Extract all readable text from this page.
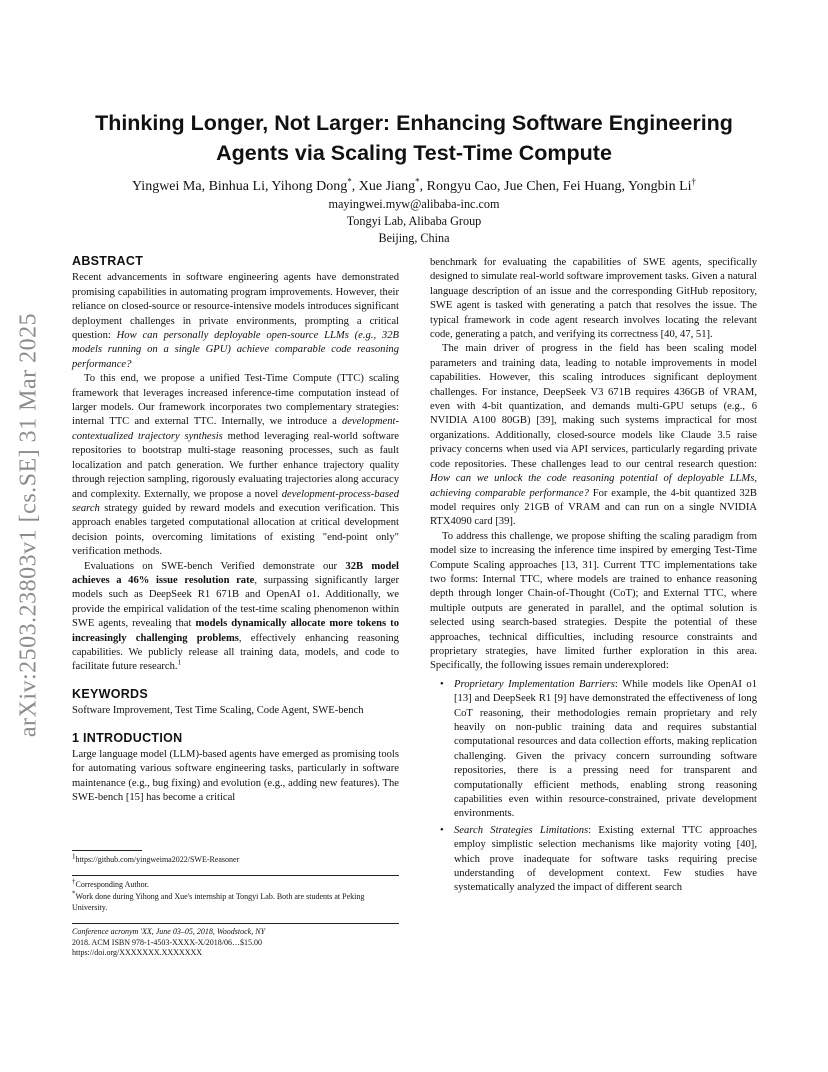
arXiv:2503.23803v1 [cs.SE] 31 Mar 2025
Thinking Longer, Not Larger: Enhancing Software Engineering
Agents via Scaling Test-Time Compute
Yingwei Ma, Binhua Li, Yihong Dong*, Xue Jiang*, Rongyu Cao, Jue Chen, Fei Huang, Yongbin Li†
mayingwei.myw@alibaba-inc.com
Tongyi Lab, Alibaba Group
Beijing, China
ABSTRACT

Recent advancements in software engineering agents have demonstrated promising capabilities in automating program improvements. However, their reliance on closed-source or resource-intensive models introduces significant deployment challenges in private environments, prompting a critical question: How can personally deployable open-source LLMs (e.g., 32B models running on a single GPU) achieve comparable code reasoning performance?

To this end, we propose a unified Test-Time Compute (TTC) scaling framework that leverages increased inference-time computation instead of larger models. Our framework incorporates two complementary strategies: internal TTC and external TTC. Internally, we introduce a development-contextualized trajectory synthesis method leveraging real-world software repositories to bootstrap multi-stage reasoning processes, such as fault localization and patch generation. We further enhance trajectory quality through rejection sampling, rigorously evaluating trajectories along accuracy and complexity. Externally, we propose a novel development-process-based search strategy guided by reward models and execution verification. This approach enables targeted computational allocation at critical development decision points, overcoming limitations of existing "end-point only" verification methods.

Evaluations on SWE-bench Verified demonstrate our 32B model achieves a 46% issue resolution rate, surpassing significantly larger models such as DeepSeek R1 671B and OpenAI o1. Additionally, we provide the empirical validation of the test-time scaling phenomenon within SWE agents, revealing that models dynamically allocate more tokens to increasingly challenging problems, effectively enhancing reasoning capabilities. We publicly release all training data, models, and code to facilitate future research.$^1$

KEYWORDS

Software Improvement, Test Time Scaling, Code Agent, SWE-bench

1 INTRODUCTION

Large language model (LLM)-based agents have emerged as promising tools for automating various software engineering tasks, particularly in software maintenance (e.g., bug fixing) and evolution (e.g., adding new features). The SWE-bench [15] has become a critical

$^1$https://github.com/yingweima2022/SWE-Reasoner
†Corresponding Author.
*Work done during Yihong and Xue's internship at Tongyi Lab. Both are students at Peking University.
Conference acronym 'XX, June 03–05, 2018, Woodstock, NY
2018. ACM ISBN 978-1-4503-XXXX-X/2018/06…$15.00
https://doi.org/XXXXXXX.XXXXXXX

benchmark for evaluating the capabilities of SWE agents, specifically designed to simulate real-world software improvement tasks. Given a natural language description of an issue and the corresponding GitHub repository, SWE agent is tasked with generating a patch that resolves the issue. The typical framework in code agent research involves locating the relevant code, generating a patch, and verifying its correctness [40, 47, 51].

The main driver of progress in the field has been scaling model parameters and training data, leading to notable improvements in model capabilities. However, this scaling introduces significant deployment challenges. For instance, DeepSeek V3 671B requires 436GB of VRAM, even with 4-bit quantization, and demands multi-GPU setups (e.g., 6 NVIDIA A100 80GB) [39], making such systems impractical for most organizations. Additionally, closed-source models like Claude 3.5 raise privacy concerns when used via API services, particularly regarding private code repositories. These challenges lead to our central research question: How can we unlock the code reasoning potential of deployable LLMs, achieving comparable performance? For example, the 4-bit quantized 32B model requires only 21GB of VRAM and can run on a single NVIDIA RTX4090 card [39].

To address this challenge, we propose shifting the scaling paradigm from model size to increasing the inference time inspired by emerging Test-Time Compute Scaling approaches [13, 31]. Current TTC implementations take two forms: Internal TTC, where models are trained to enhance reasoning depth through longer Chain-of-Thought (CoT); and External TTC, where multiple outputs are generated in parallel, and the optimal solution is selected using search-based strategies. Despite the potential of these approaches, technical difficulties, including resource constraints and proprietary strategies, have limited further exploration in this area. Specifically, the following issues remain underexplored:

• Proprietary Implementation Barriers: While models like OpenAI o1 [13] and DeepSeek R1 [9] have demonstrated the effectiveness of long CoT reasoning, their methodologies remain proprietary and rely heavily on non-public training data and requires substantial computational resources and data collection efforts, making replication challenging. Given the privacy concern surrounding software repositories, there is a pressing need for transparent and computationally efficient methods, enabling strong reasoning capabilities even within resource-constrained, private development environments.
• Search Strategies Limitations: Existing external TTC approaches employ simplistic selection mechanisms like majority voting [40], which prove inadequate for software tasks requiring precise understanding of development context. Few studies have systematically analyzed the impact of different search
